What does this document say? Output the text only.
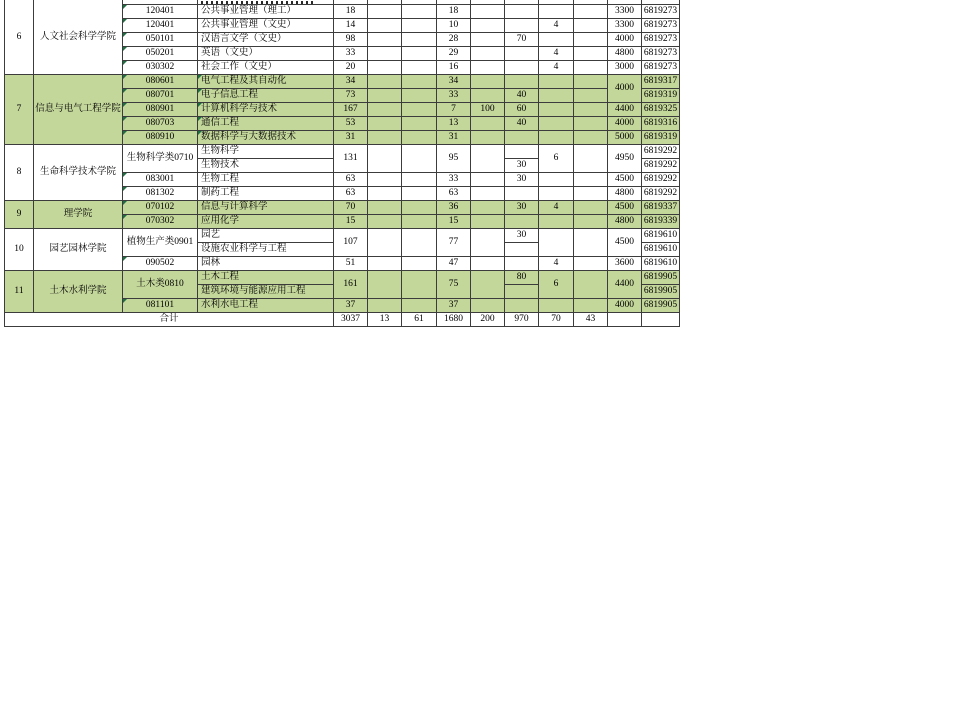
6	人文社会科学学院		

120401	公共事业管理（理工）	18			18					3300	6819273

120401	公共事业管理（文史）	14			10			4		3300	6819273

050101	汉语言文学（文史）	98			28		70			4000	6819273

050201	英语（文史）	33			29			4		4800	6819273

030302	社会工作（文史）	20			16			4		3000	6819273
7	信息与电气工程学院	080601	电气工程及其自动化	34			34					4000	6819317

080701	电子信息工程	73			33		40				6819319

080901	计算机科学与技术	167			7	100	60			4400	6819325

080703	通信工程	53			13		40			4000	6819316

080910	数据科学与大数据技术	31			31					5000	6819319
8	生命科学技术学院	生物科学类0710	生物科学	131			95			6		4950	6819292
			生物技术						30				6819292

083001	生物工程	63			33		30			4500	6819292

081302	制药工程	63			63					4800	6819292
9	理学院	070102	信息与计算科学	70			36		30	4		4500	6819337

070302	应用化学	15			15					4800	6819339
10	园艺园林学院	植物生产类0901	园艺	107			77		30			4500	6819610
			设施农业科学与工程										6819610

090502	园林	51			47			4		3600	6819610
11	土木水利学院	土木类0810	土木工程	161			75		80	6		4400	6819905
			建筑环境与能源应用工程										6819905

081101	水利水电工程	37			37					4000	6819905
合计				3037	13	61	1680	200	970	70	43		
